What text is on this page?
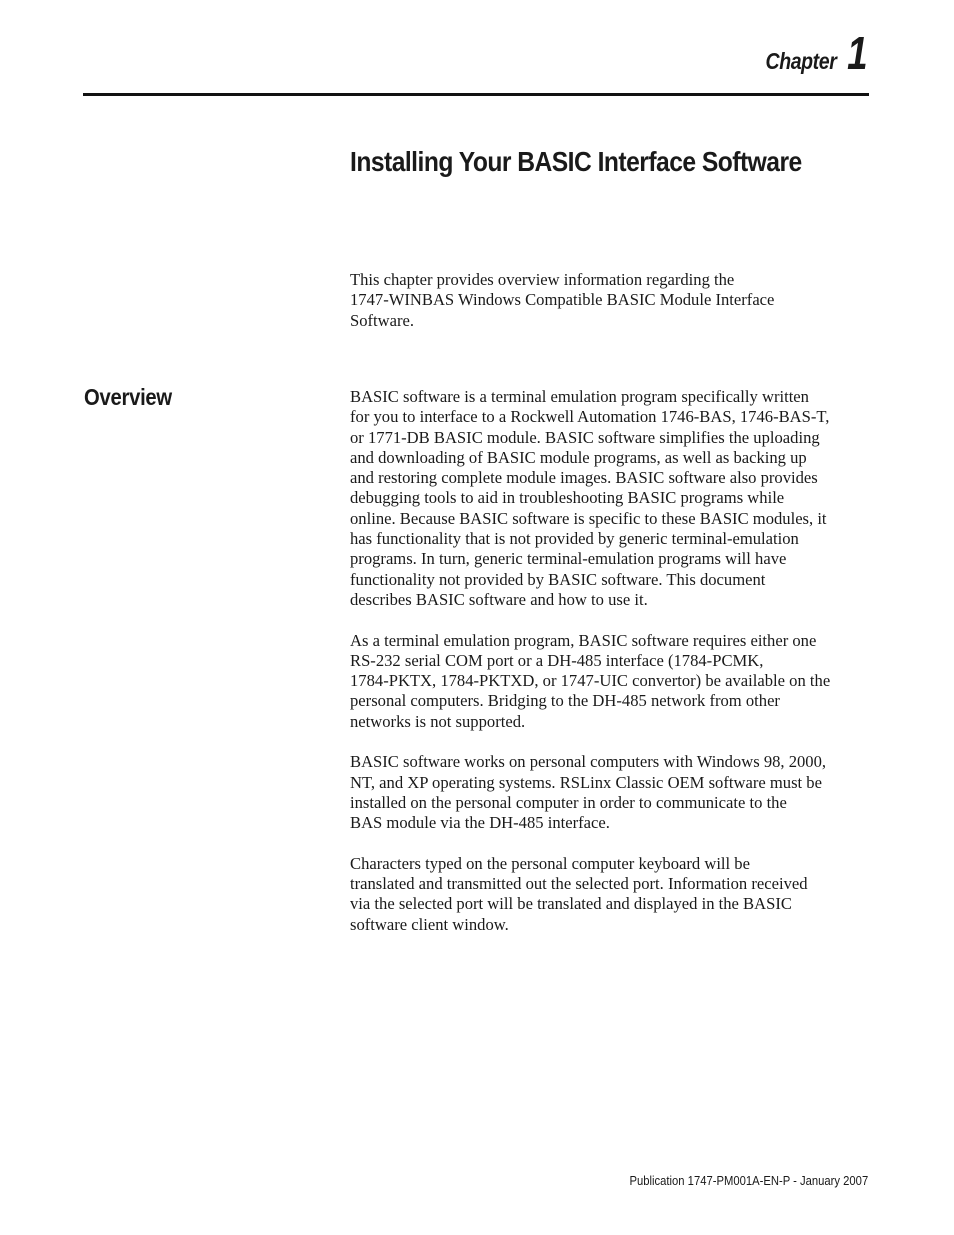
Chapter 1
Installing Your BASIC Interface Software

This chapter provides overview information regarding the
1747-WINBAS Windows Compatible BASIC Module Interface
Software.

Overview	BASIC software is a terminal emulation program specifically written
for you to interface to a Rockwell Automation 1746-BAS, 1746-BAS-T,
or 1771-DB BASIC module. BASIC software simplifies the uploading
and downloading of BASIC module programs, as well as backing up
and restoring complete module images. BASIC software also provides
debugging tools to aid in troubleshooting BASIC programs while
online. Because BASIC software is specific to these BASIC modules, it
has functionality that is not provided by generic terminal-emulation
programs. In turn, generic terminal-emulation programs will have
functionality not provided by BASIC software. This document
describes BASIC software and how to use it.

As a terminal emulation program, BASIC software requires either one
RS-232 serial COM port or a DH-485 interface (1784-PCMK,
1784-PKTX, 1784-PKTXD, or 1747-UIC convertor) be available on the
personal computers. Bridging to the DH-485 network from other
networks is not supported.

BASIC software works on personal computers with Windows 98, 2000,
NT, and XP operating systems. RSLinx Classic OEM software must be
installed on the personal computer in order to communicate to the
BAS module via the DH-485 interface.

Characters typed on the personal computer keyboard will be
translated and transmitted out the selected port. Information received
via the selected port will be translated and displayed in the BASIC
software client window.

Publication 1747-PM001A-EN-P - January 2007
